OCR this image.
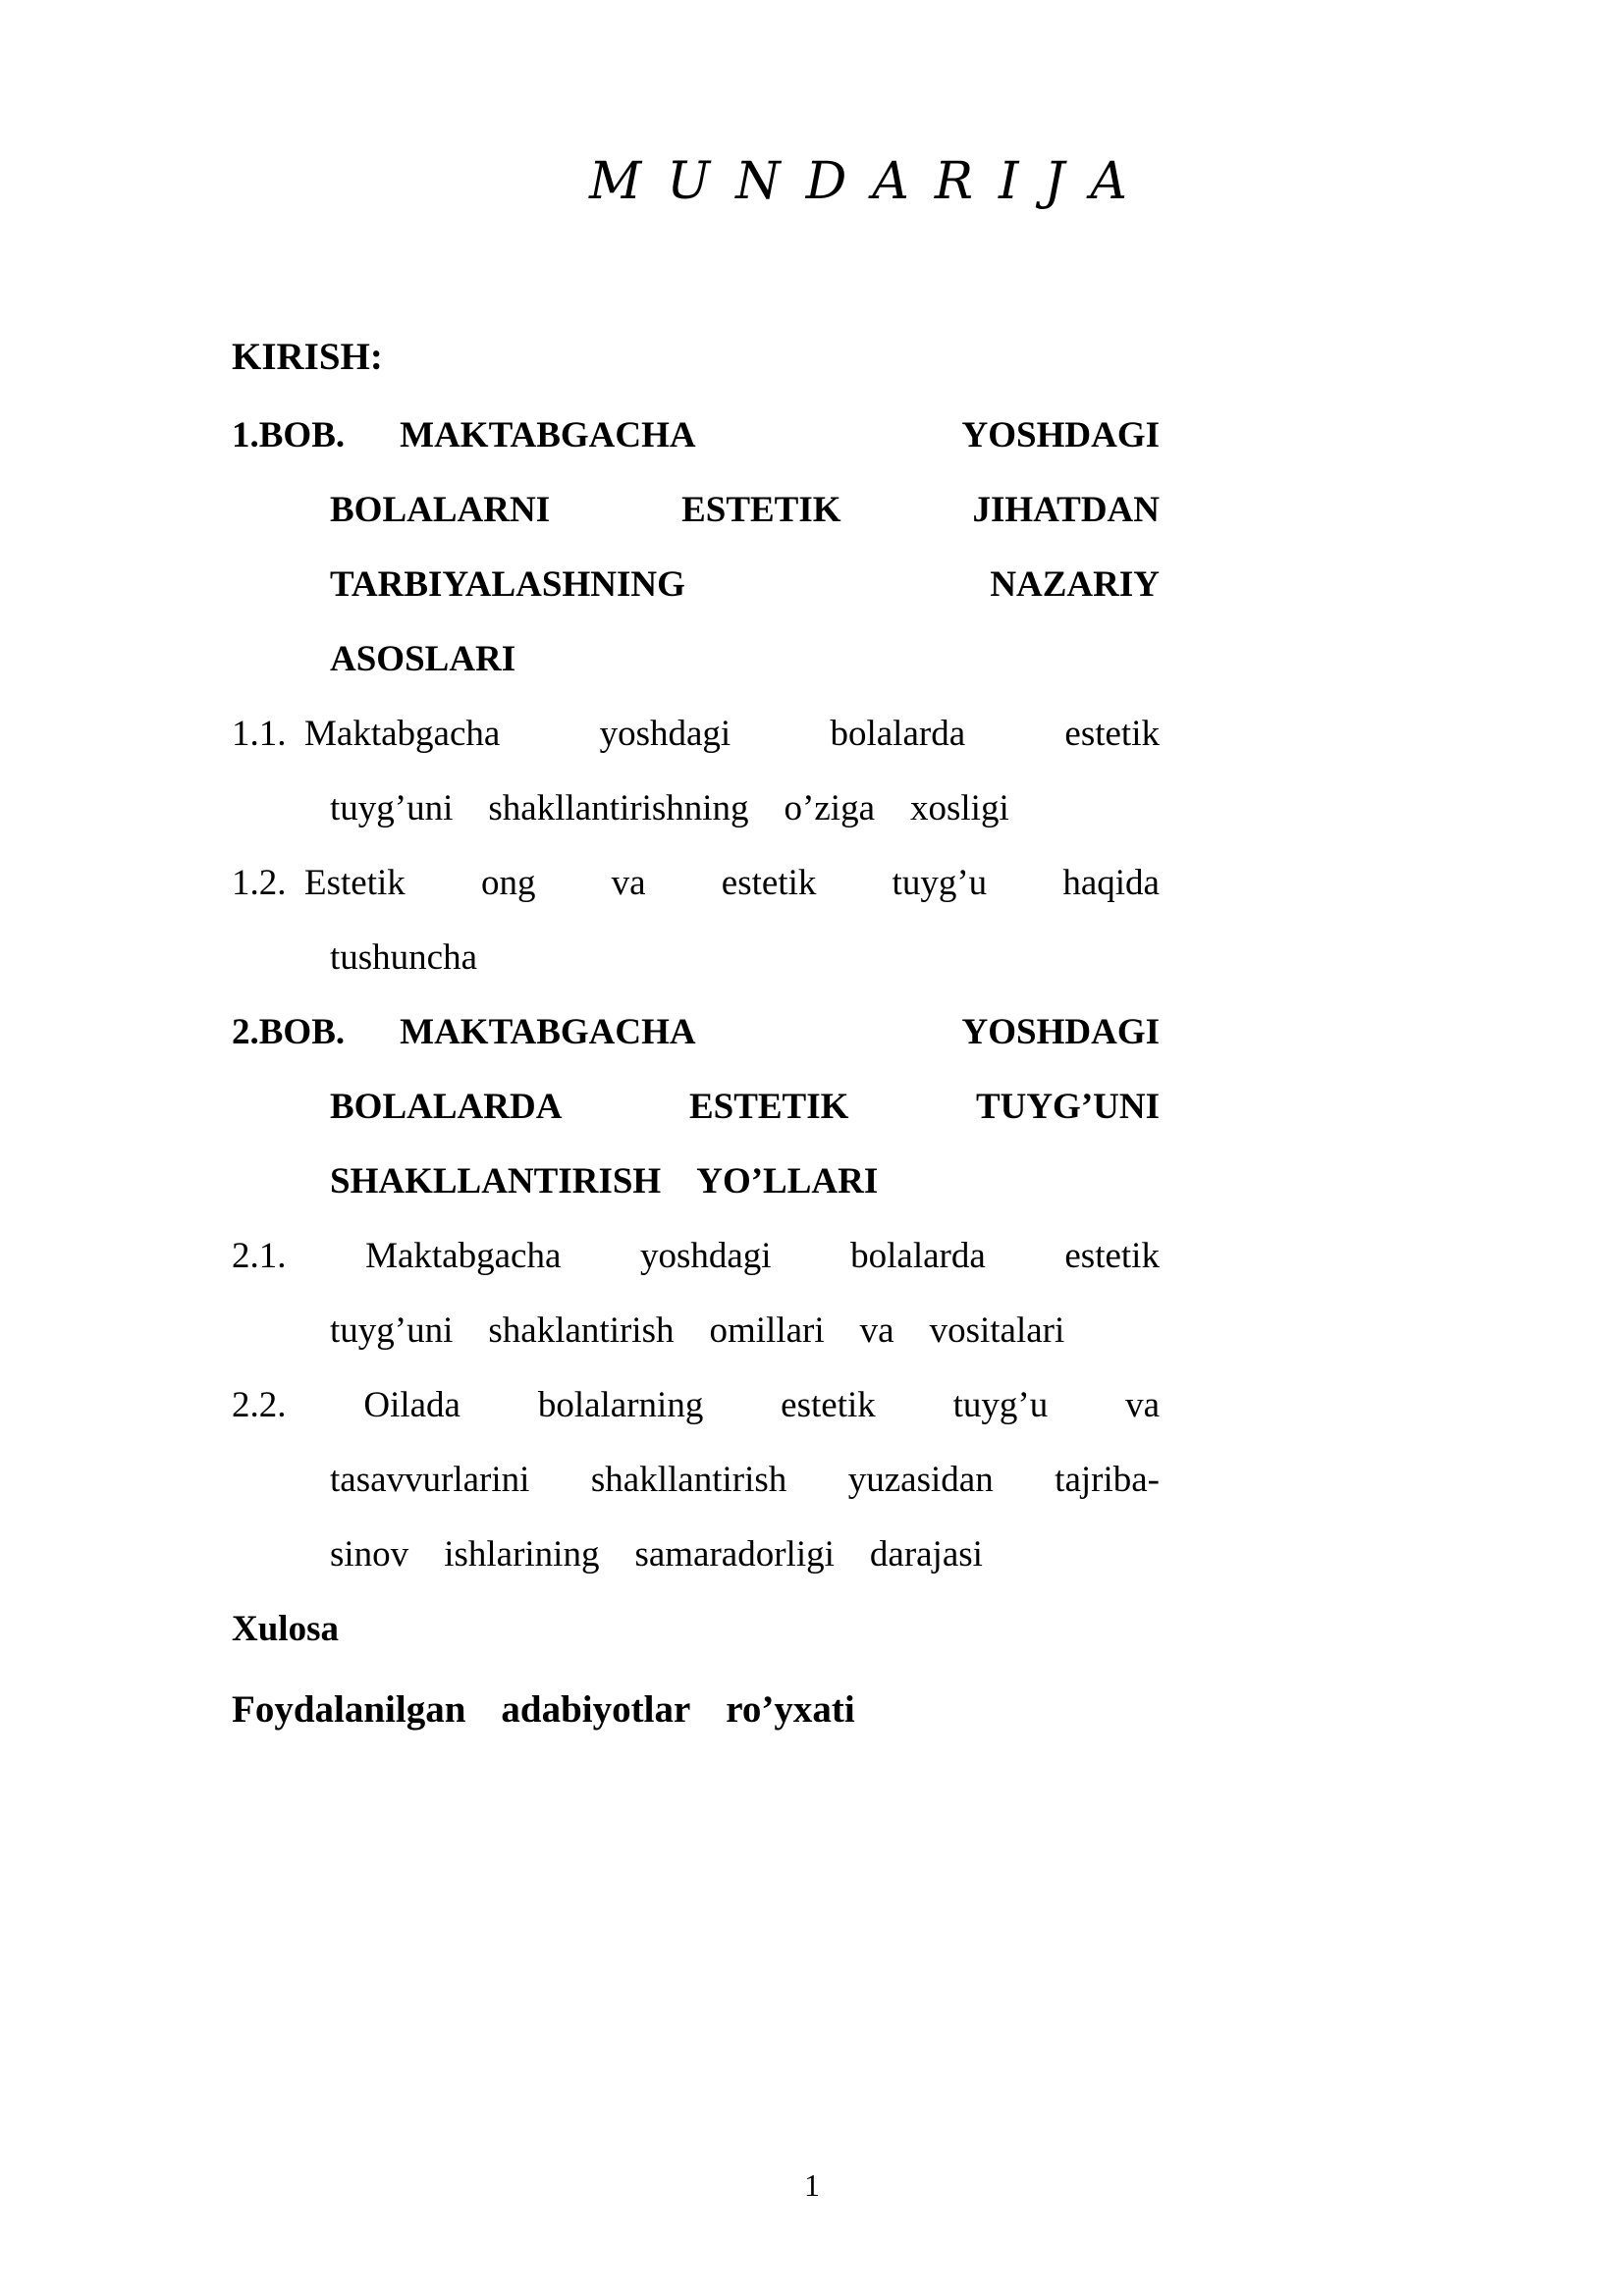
M U N D A R I J A
KIRISH:
1.BOB. MAKTABGACHA	YOSHDAGI
BOLALARNI	ESTETIK	JIHATDAN
TARBIYALASHNING	NAZARIY
ASOSLARI
1.1.  Maktabgacha	yoshdagi	bolalarda	estetik
tuyg’uni shakllantirishning o’ziga xosligi
1.2.  Estetik ong va estetik tuyg’u haqida
tushuncha
2.BOB. MAKTABGACHA	YOSHDAGI
BOLALARDA	ESTETIK	TUYG’UNI
SHAKLLANTIRISH YO’LLARI
2.1. Maktabgacha yoshdagi bolalarda estetik
tuyg’uni shaklantirish omillari va vositalari
2.2. Oilada bolalarning estetik tuyg’u va
tasavvurlarini shakllantirish yuzasidan tajriba-
sinov ishlarining samaradorligi darajasi
Xulosa
Foydalanilgan adabiyotlar ro’yxati
1
